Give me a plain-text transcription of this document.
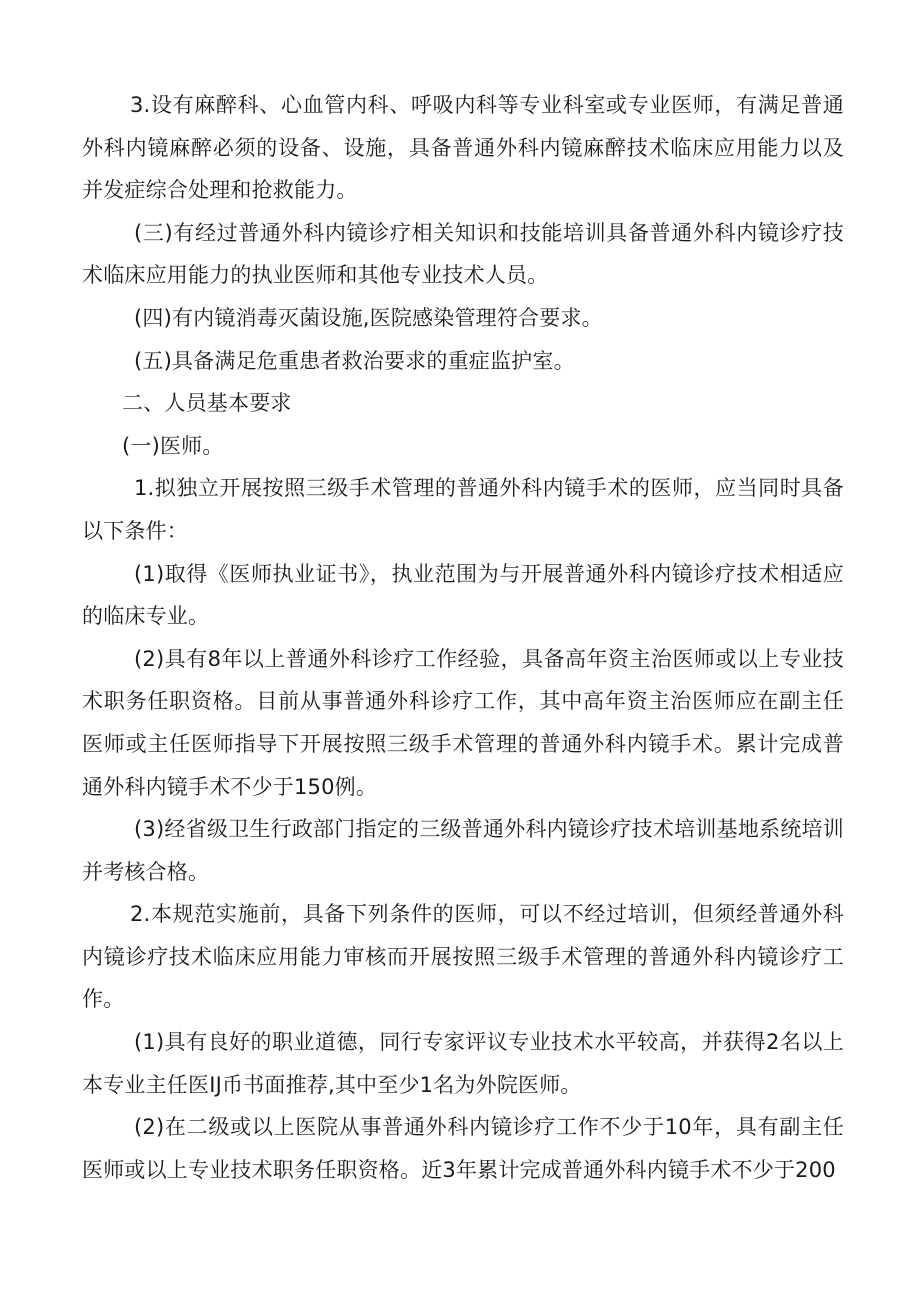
3.设有麻醉科、心血管内科、呼吸内科等专业科室或专业医师，有满足普通外科内镜麻醉必须的设备、设施，具备普通外科内镜麻醉技术临床应用能力以及并发症综合处理和抢救能力。

(三)有经过普通外科内镜诊疗相关知识和技能培训具备普通外科内镜诊疗技术临床应用能力的执业医师和其他专业技术人员。

(四)有内镜消毒灭菌设施,医院感染管理符合要求。

(五)具备满足危重患者救治要求的重症监护室。

二、人员基本要求

(一)医师。

1.拟独立开展按照三级手术管理的普通外科内镜手术的医师，应当同时具备以下条件：

(1)取得《医师执业证书》，执业范围为与开展普通外科内镜诊疗技术相适应的临床专业。

(2)具有8年以上普通外科诊疗工作经验，具备高年资主治医师或以上专业技术职务任职资格。目前从事普通外科诊疗工作，其中高年资主治医师应在副主任医师或主任医师指导下开展按照三级手术管理的普通外科内镜手术。累计完成普通外科内镜手术不少于150例。

(3)经省级卫生行政部门指定的三级普通外科内镜诊疗技术培训基地系统培训并考核合格。

2.本规范实施前，具备下列条件的医师，可以不经过培训，但须经普通外科内镜诊疗技术临床应用能力审核而开展按照三级手术管理的普通外科内镜诊疗工作。

(1)具有良好的职业道德，同行专家评议专业技术水平较高，并获得2名以上本专业主任医IJ币书面推荐,其中至少1名为外院医师。

(2)在二级或以上医院从事普通外科内镜诊疗工作不少于10年，具有副主任医师或以上专业技术职务任职资格。近3年累计完成普通外科内镜手术不少于200
